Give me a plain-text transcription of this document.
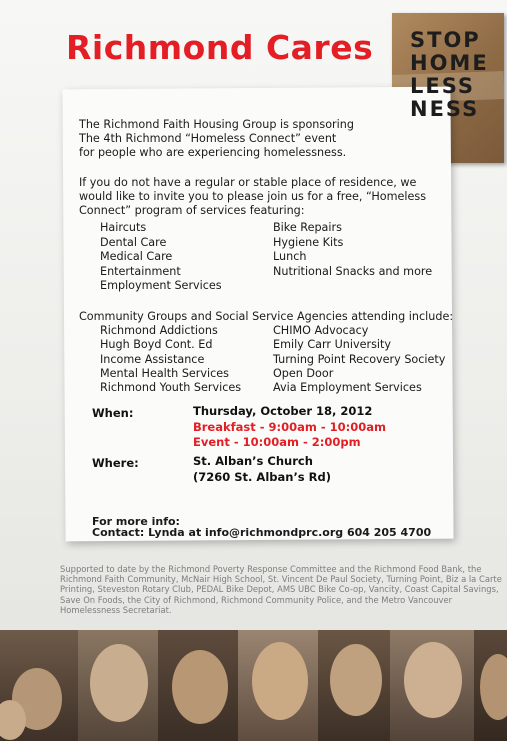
Richmond Cares STOP
HOME
LESS
NESS
The Richmond Faith Housing Group is sponsoring
The 4th Richmond “Homeless Connect” event
for people who are experiencing homelessness.
If you do not have a regular or stable place of residence, we
would like to invite you to please join us for a free, “Homeless
Connect” program of services featuring:
Haircuts
Dental Care
Medical Care
Entertainment
Employment Services
Bike Repairs
Hygiene Kits
Lunch
Nutritional Snacks and more
Community Groups and Social Service Agencies attending include:
Richmond Addictions
Hugh Boyd Cont. Ed
Income Assistance
Mental Health Services
Richmond Youth Services
CHIMO Advocacy
Emily Carr University
Turning Point Recovery Society
Open Door
Avia Employment Services
When:	Thursday, October 18, 2012
Breakfast - 9:00am - 10:00am
Event - 10:00am - 2:00pm
Where:	St. Alban’s Church
(7260 St. Alban’s Rd)
For more info:
Contact: Lynda at info@richmondprc.org 604 205 4700
Supported to date by the Richmond Poverty Response Committee and the Richmond Food Bank, the Richmond Faith Community, McNair High School, St. Vincent De Paul Society, Turning Point, Biz a la Carte Printing, Steveston Rotary Club, PEDAL Bike Depot, AMS UBC Bike Co-op, Vancity, Coast Capital Savings, Save On Foods, the City of Richmond, Richmond Community Police, and the Metro Vancouver Homelessness Secretariat.
